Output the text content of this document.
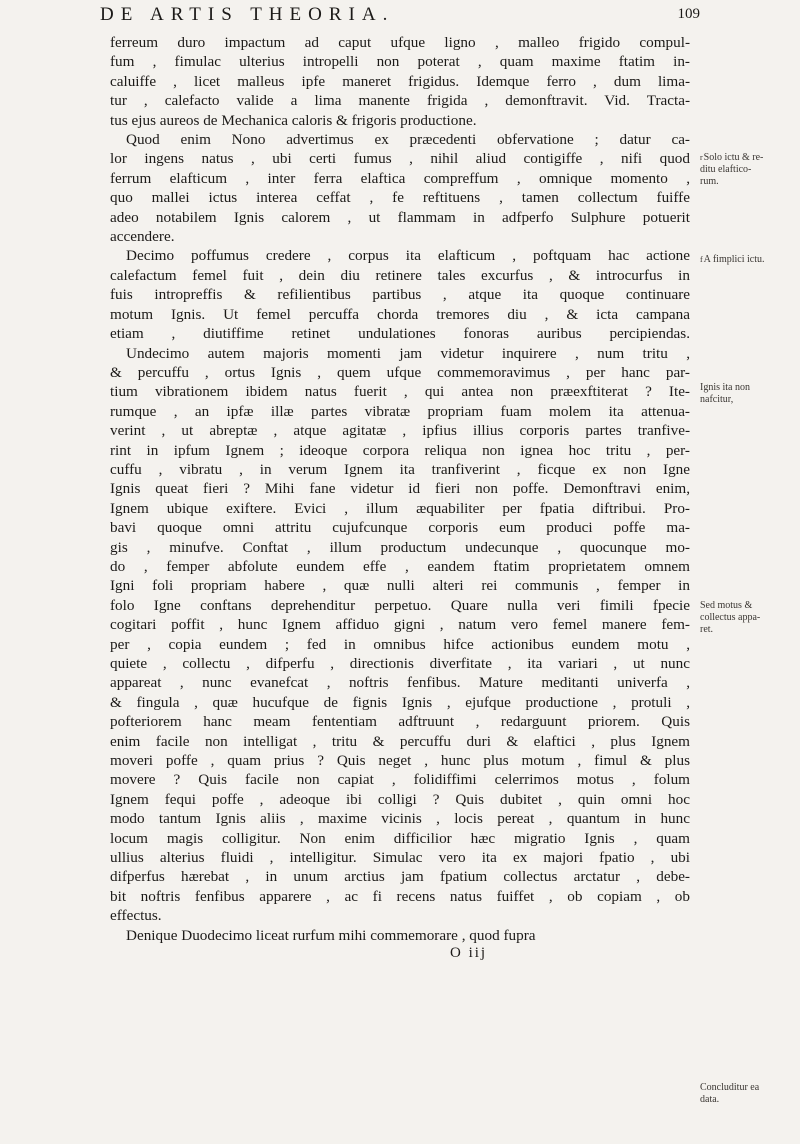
DE ARTIS THEORIA.	109
ferreum duro impactum ad caput ufque ligno , malleo frigido compul-
fum , fimulac ulterius intropelli non poterat , quam maxime ftatim in-
caluiffe , licet malleus ipfe maneret frigidus. Idemque ferro , dum lima-
tur , calefacto valide a lima manente frigida , demonftravit. Vid. Tracta-
tus ejus aureos de Mechanica caloris & frigoris productione.
Quod enim Nono advertimus ex præcedenti obfervatione ; datur ca-
lor ingens natus , ubi certi fumus , nihil aliud contigiffe , nifi quod
ferrum elafticum , inter ferra elaftica compreffum , omnique momento ,
quo mallei ictus interea ceffat , fe reftituens , tamen collectum fuiffe
adeo notabilem Ignis calorem , ut flammam in adfperfo Sulphure potuerit
accendere.
Decimo poffumus credere , corpus ita elafticum , poftquam hac actione
calefactum femel fuit , dein diu retinere tales excurfus , & introcurfus in
fuis intropreffis & refilientibus partibus , atque ita quoque continuare
motum Ignis. Ut femel percuffa chorda tremores diu , & icta campana
etiam , diutiffime retinet undulationes fonoras auribus percipiendas.
Undecimo autem majoris momenti jam videtur inquirere , num tritu ,
& percuffu , ortus Ignis , quem ufque commemoravimus , per hanc par-
tium vibrationem ibidem natus fuerit , qui antea non præexftiterat ? Ite-
rumque , an ipfæ illæ partes vibratæ propriam fuam molem ita attenua-
verint , ut abreptæ , atque agitatæ , ipfius illius corporis partes tranfive-
rint in ipfum Ignem ; ideoque corpora reliqua non ignea hoc tritu , per-
cuffu , vibratu , in verum Ignem ita tranfiverint , ficque ex non Igne
Ignis queat fieri ? Mihi fane videtur id fieri non poffe. Demonftravi enim,
Ignem ubique exiftere. Evici , illum æquabiliter per fpatia diftribui. Pro-
bavi quoque omni attritu cujufcunque corporis eum produci poffe ma-
gis , minufve. Conftat , illum productum undecunque , quocunque mo-
do , femper abfolute eundem effe , eandem ftatim proprietatem omnem
Igni foli propriam habere , quæ nulli alteri rei communis , femper in
folo Igne conftans deprehenditur perpetuo. Quare nulla veri fimili fpecie
cogitari poffit , hunc Ignem affiduo gigni , natum vero femel manere fem-
per , copia eundem ; fed in omnibus hifce actionibus eundem motu ,
quiete , collectu , difperfu , directionis diverfitate , ita variari , ut nunc
appareat , nunc evanefcat , noftris fenfibus. Mature meditanti univerfa ,
& fingula , quæ hucufque de fignis Ignis , ejufque productione , protuli ,
pofteriorem hanc meam fententiam adftruunt , redarguunt priorem. Quis
enim facile non intelligat , tritu & percuffu duri & elaftici , plus Ignem
moveri poffe , quam prius ? Quis neget , hunc plus motum , fimul & plus
movere ? Quis facile non capiat , folidiffimi celerrimos motus , folum
Ignem fequi poffe , adeoque ibi colligi ? Quis dubitet , quin omni hoc
modo tantum Ignis aliis , maxime vicinis , locis pereat , quantum in hunc
locum magis colligitur. Non enim difficilior hæc migratio Ignis , quam
ullius alterius fluidi , intelligitur. Simulac vero ita ex majori fpatio , ubi
difperfus hærebat , in unum arctius jam fpatium collectus arctatur , debe-
bit noftris fenfibus apparere , ac fi recens natus fuiffet , ob copiam , ob
effectus.
Denique Duodecimo liceat rurfum mihi commemorare , quod fupra
O iij
$^r$Solo ictu & re-

ditu elaftico-
rum.
$^f$A fimplici ictu.

Ignis ita non
nafcitur,
Sed motus &
collectus appa-
ret.
Concluditur ea
data.
